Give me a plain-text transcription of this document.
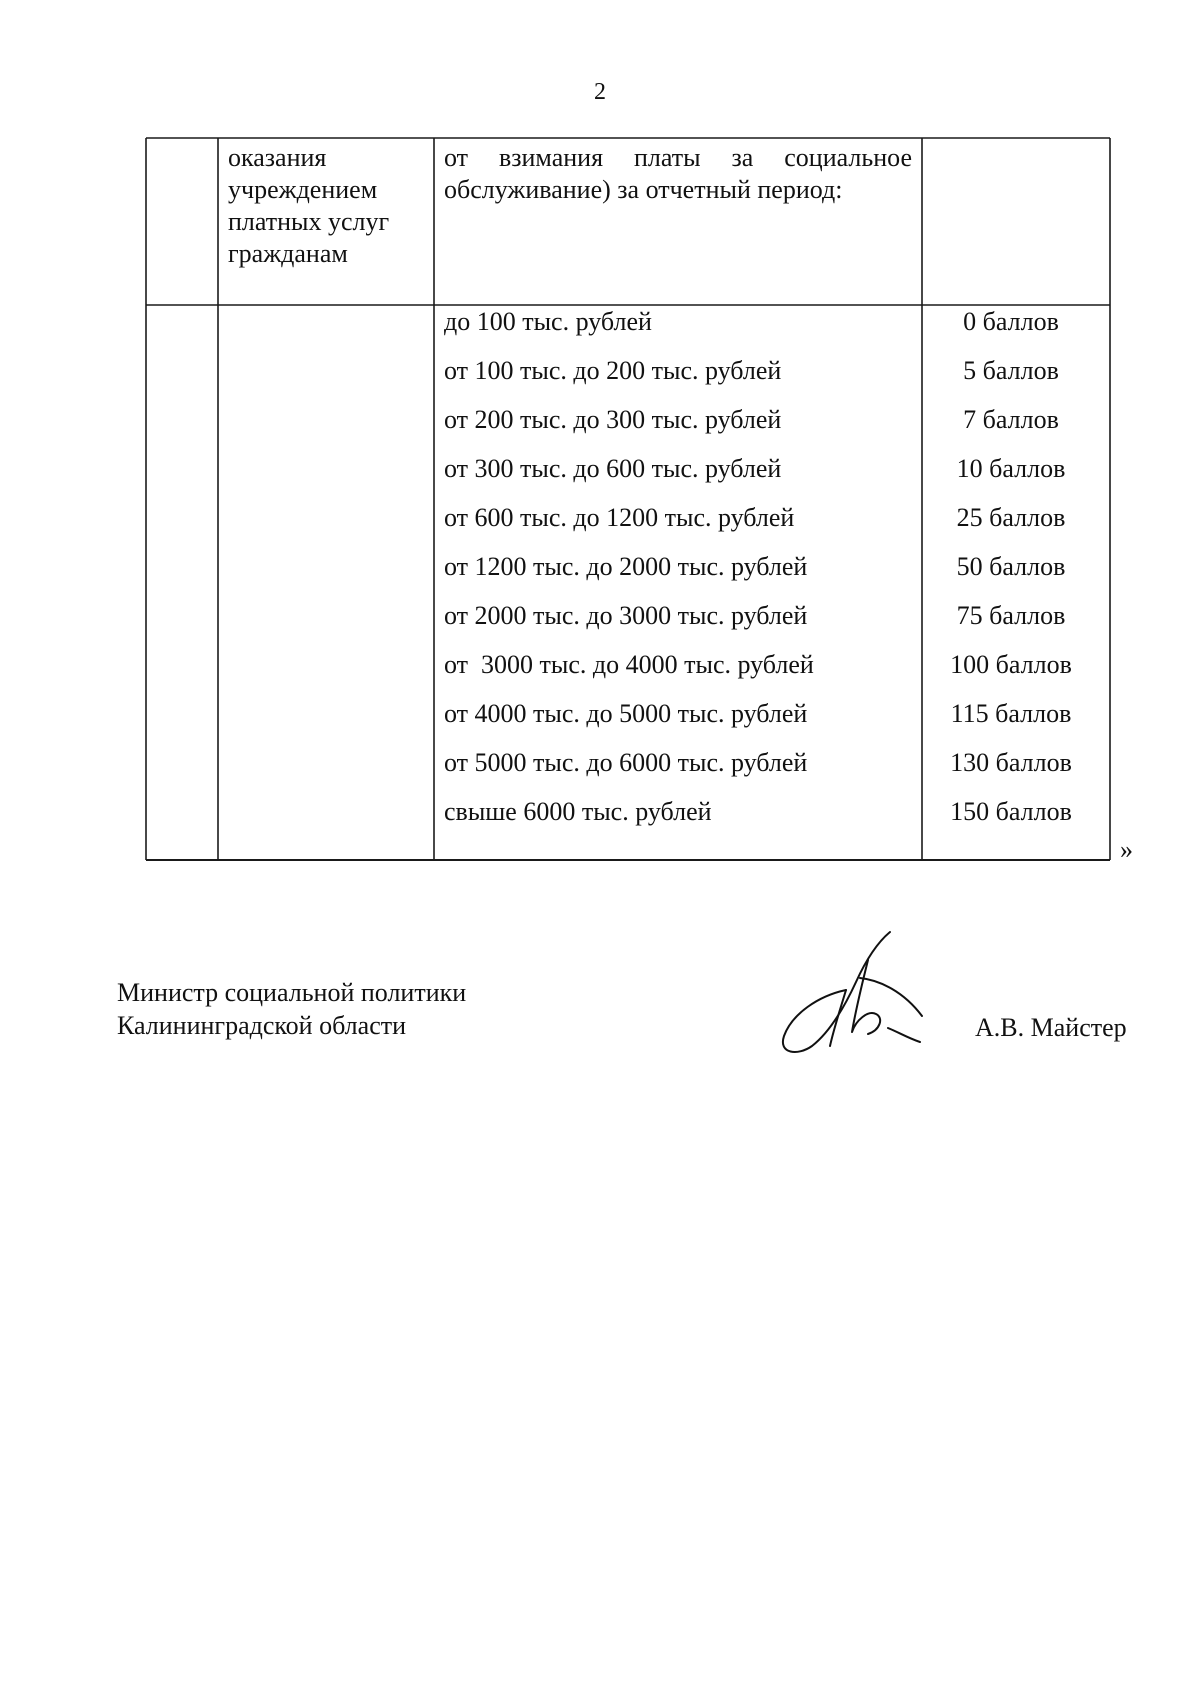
2
оказания
учреждением
платных услуг
гражданам
от взимания платы за социальное
обслуживание) за отчетный период:
до 100 тыс. рублей
от 100 тыс. до 200 тыс. рублей
от 200 тыс. до 300 тыс. рублей
от 300 тыс. до 600 тыс. рублей
от 600 тыс. до 1200 тыс. рублей
от 1200 тыс. до 2000 тыс. рублей
от 2000 тыс. до 3000 тыс. рублей
от  3000 тыс. до 4000 тыс. рублей
от 4000 тыс. до 5000 тыс. рублей
от 5000 тыс. до 6000 тыс. рублей
свыше 6000 тыс. рублей
0 баллов
5 баллов
7 баллов
10 баллов
25 баллов
50 баллов
75 баллов
100 баллов
115 баллов
130 баллов
150 баллов
»
Министр социальной политики
Калининградской области	А.В. Майстер
